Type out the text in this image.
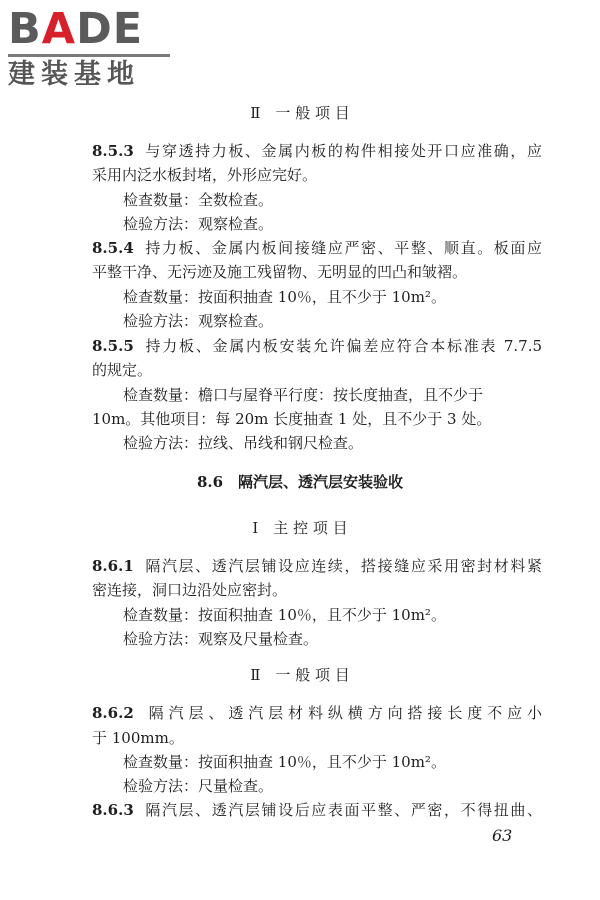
BADE
建装基地
Ⅱ　一 般 项 目
8.5.3 与穿透持力板、金属内板的构件相接处开口应准确，应
采用内泛水板封堵，外形应完好。
检查数量：全数检查。
检验方法：观察检查。
8.5.4 持力板、金属内板间接缝应严密、平整、顺直。板面应
平整干净、无污迹及施工残留物、无明显的凹凸和皱褶。
检查数量：按面积抽查 10％，且不少于 10m²。
检验方法：观察检查。
8.5.5 持力板、金属内板安装允许偏差应符合本标准表 7.7.5
的规定。
检查数量：檐口与屋脊平行度：按长度抽查，且不少于
10m。其他项目：每 20m 长度抽查 1 处，且不少于 3 处。
检验方法：拉线、吊线和钢尺检查。
8.6　隔汽层、透汽层安装验收
Ⅰ　主 控 项 目
8.6.1 隔汽层、透汽层铺设应连续，搭接缝应采用密封材料紧
密连接，洞口边沿处应密封。
检查数量：按面积抽查 10％，且不少于 10m²。
检验方法：观察及尺量检查。
Ⅱ　一 般 项 目
8.6.2 隔汽层、透汽层材料纵横方向搭接长度不应小
于 100mm。
检查数量：按面积抽查 10％，且不少于 10m²。
检验方法：尺量检查。
8.6.3 隔汽层、透汽层铺设后应表面平整、严密，不得扭曲、
63
